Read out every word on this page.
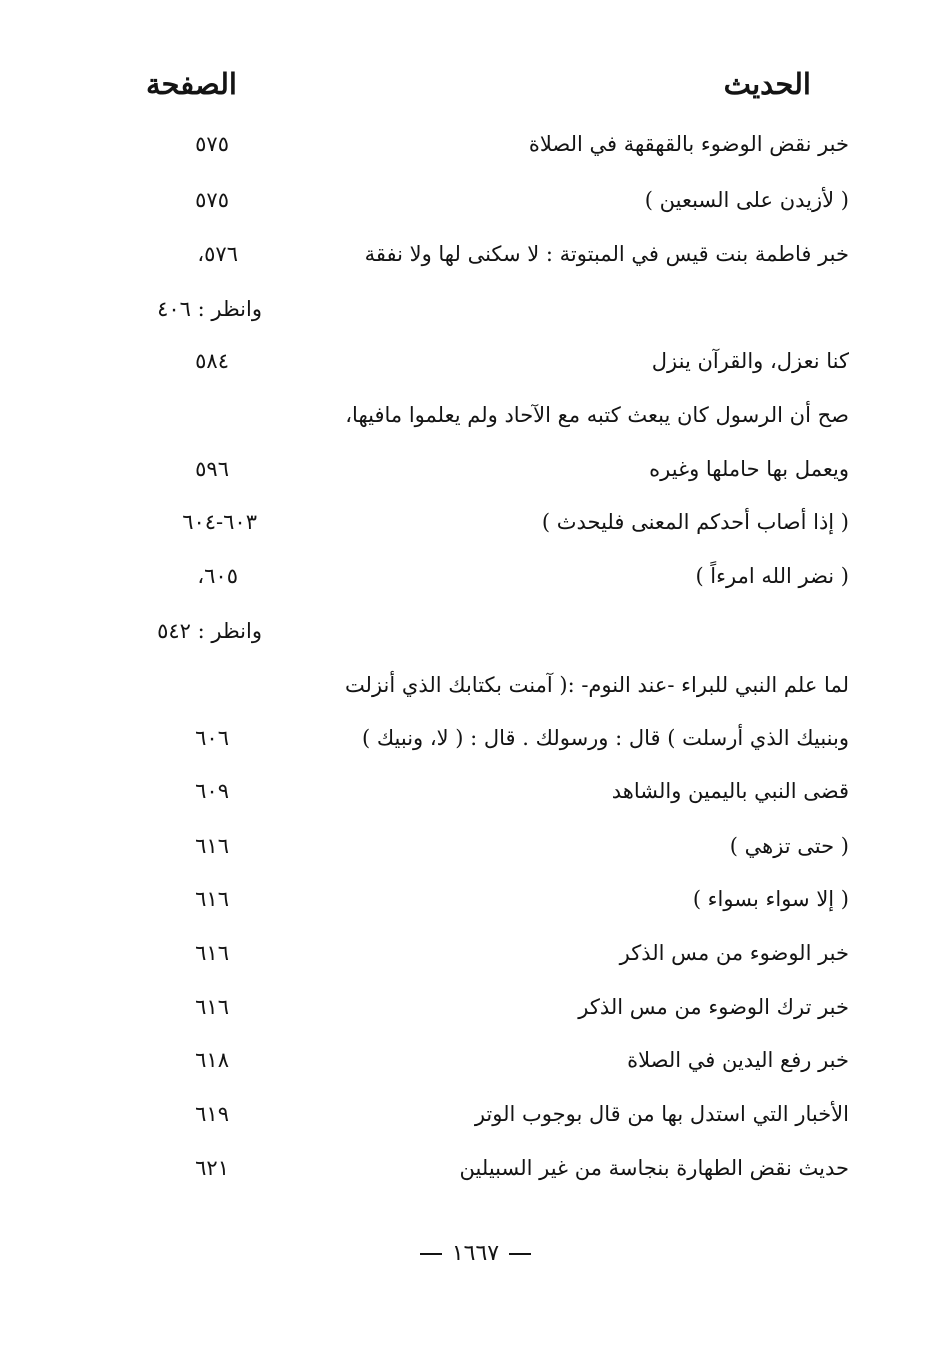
الحديث
الصفحة
خبر نقض الوضوء بالقهقهة في الصلاة
٥٧٥
( لأزيدن على السبعين )
٥٧٥
خبر فاطمة بنت قيس في المبتوتة : لا سكنى لها ولا نفقة
٥٧٦،
وانظر : ٤٠٦
كنا نعزل، والقرآن ينزل
٥٨٤
صح أن الرسول كان يبعث كتبه مع الآحاد ولم يعلموا مافيها،
ويعمل بها حاملها وغيره
٥٩٦
( إذا أصاب أحدكم المعنى فليحدث )
٦٠٣-٦٠٤
( نضر الله امرءاً )
٦٠٥،
وانظر : ٥٤٢
لما علم النبي للبراء -عند النوم- :( آمنت بكتابك الذي أنزلت
وبنبيك الذي أرسلت ) قال : ورسولك . قال : ( لا، ونبيك )
٦٠٦
قضى النبي باليمين والشاهد
٦٠٩
( حتى تزهي )
٦١٦
( إلا سواء بسواء )
٦١٦
خبر الوضوء من مس الذكر
٦١٦
خبر ترك الوضوء من مس الذكر
٦١٦
خبر رفع اليدين في الصلاة
٦١٨
الأخبار التي استدل بها من قال بوجوب الوتر
٦١٩
حديث نقض الطهارة بنجاسة من غير السبيلين
٦٢١
١٦٦٧
